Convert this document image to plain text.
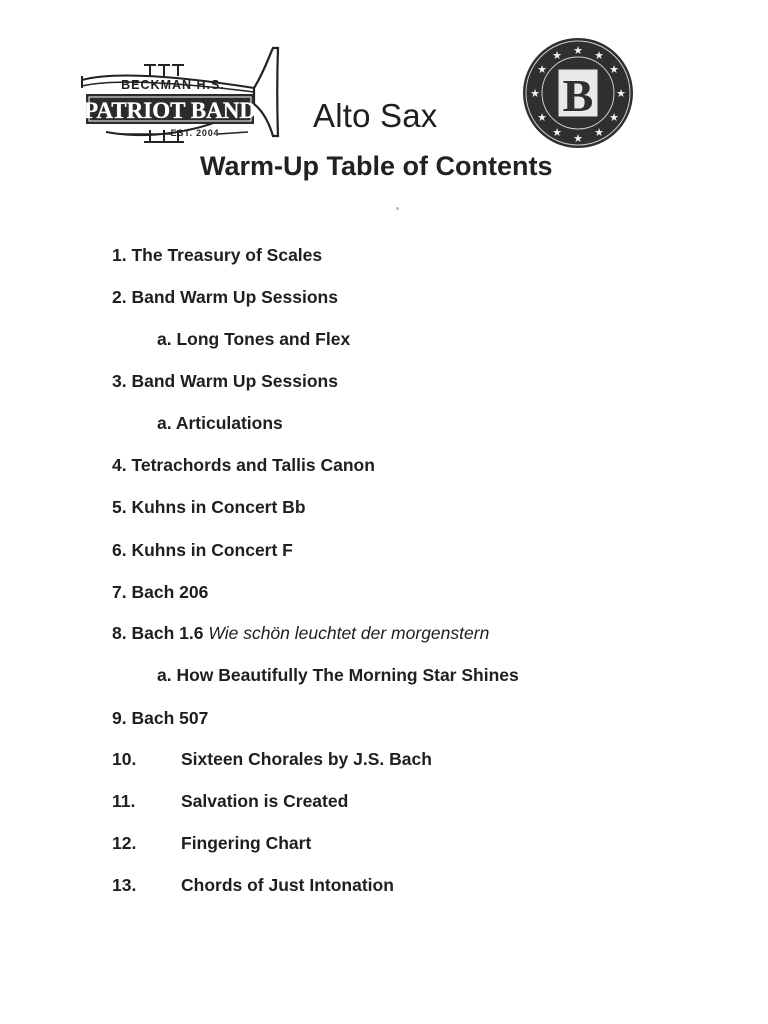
BECKMAN H.S.
PATRIOT BAND
EST. 2004	Alto Sax
★ ★
★
★
★
★
★
★
★
★
★
★
B
Warm-Up Table of Contents
1. The Treasury of Scales
2. Band Warm Up Sessions
a. Long Tones and Flex
3. Band Warm Up Sessions
a. Articulations
4. Tetrachords and Tallis Canon
5. Kuhns in Concert Bb
6. Kuhns in Concert F
7. Bach 206
8. Bach 1.6 Wie schön leuchtet der morgenstern
a. How Beautifully The Morning Star Shines
9. Bach 507
10.	Sixteen Chorales by J.S. Bach
11.	Salvation is Created
12.	Fingering Chart
13.	Chords of Just Intonation
